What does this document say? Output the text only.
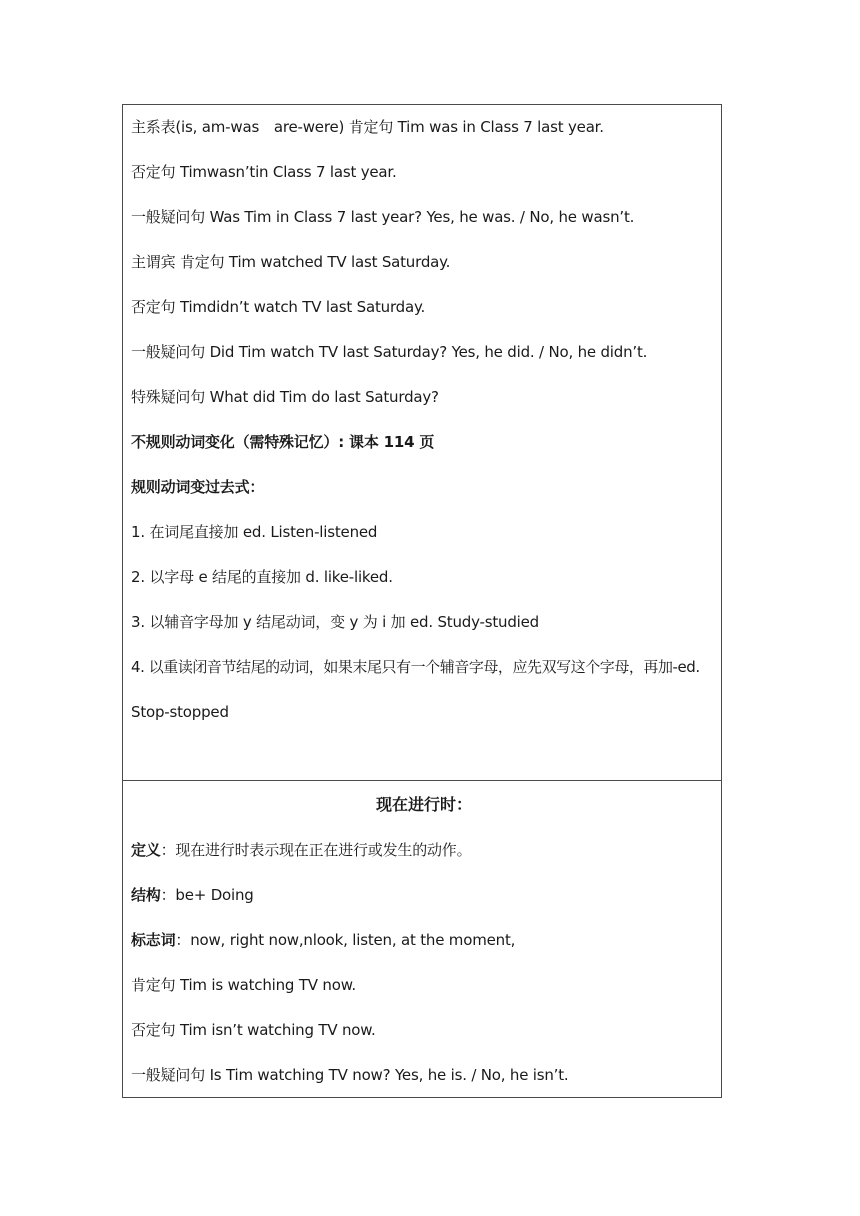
主系表(is, am-was　are-were) 肯定句 Tim was in Class 7 last year.
否定句 Timwasn’tin Class 7 last year.
一般疑问句 Was Tim in Class 7 last year? Yes, he was. / No, he wasn’t.
主谓宾 肯定句 Tim watched TV last Saturday.
否定句 Timdidn’t watch TV last Saturday.
一般疑问句 Did Tim watch TV last Saturday? Yes, he did. / No, he didn’t.
特殊疑问句 What did Tim do last Saturday?
不规则动词变化（需特殊记忆）: 课本 114 页
规则动词变过去式：
1. 在词尾直接加 ed. Listen-listened
2. 以字母 e 结尾的直接加 d. like-liked.
3. 以辅音字母加 y 结尾动词，变 y 为 i 加 ed. Study-studied
4. 以重读闭音节结尾的动词，如果末尾只有一个辅音字母，应先双写这个字母，再加-ed.
Stop-stopped
现在进行时：
定义：现在进行时表示现在正在进行或发生的动作。
结构：be+ Doing
标志词：now, right now,nlook, listen, at the moment,
肯定句 Tim is watching TV now.
否定句 Tim isn’t watching TV now.
一般疑问句 Is Tim watching TV now? Yes, he is. / No, he isn’t.
